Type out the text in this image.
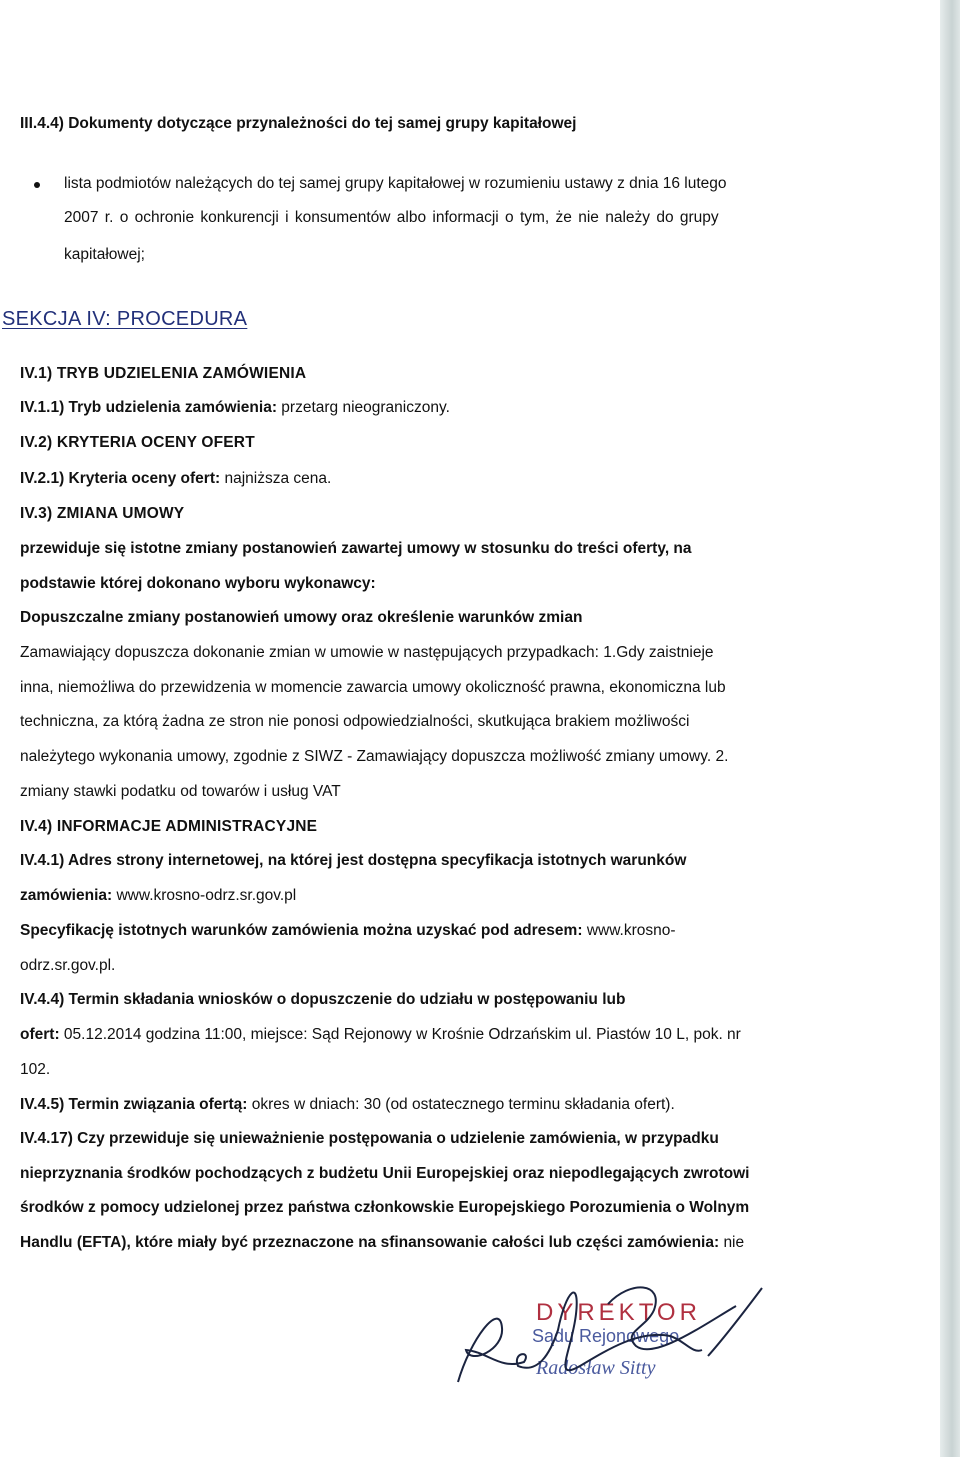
III.4.4) Dokumenty dotyczące przynależności do tej samej grupy kapitałowej
lista podmiotów należących do tej samej grupy kapitałowej w rozumieniu ustawy z dnia 16 lutego
2007 r. o ochronie konkurencji i konsumentów albo informacji o tym, że nie należy do grupy
kapitałowej;
SEKCJA IV: PROCEDURA
IV.1) TRYB UDZIELENIA ZAMÓWIENIA
IV.1.1) Tryb udzielenia zamówienia: przetarg nieograniczony.
IV.2) KRYTERIA OCENY OFERT
IV.2.1) Kryteria oceny ofert: najniższa cena.
IV.3) ZMIANA UMOWY
przewiduje się istotne zmiany postanowień zawartej umowy w stosunku do treści oferty, na
podstawie której dokonano wyboru wykonawcy:
Dopuszczalne zmiany postanowień umowy oraz określenie warunków zmian
Zamawiający dopuszcza dokonanie zmian w umowie w następujących przypadkach: 1.Gdy zaistnieje
inna, niemożliwa do przewidzenia w momencie zawarcia umowy okoliczność prawna, ekonomiczna lub
techniczna, za którą żadna ze stron nie ponosi odpowiedzialności, skutkująca brakiem możliwości
należytego wykonania umowy, zgodnie z SIWZ - Zamawiający dopuszcza możliwość zmiany umowy. 2.
zmiany stawki podatku od towarów i usług VAT
IV.4) INFORMACJE ADMINISTRACYJNE
IV.4.1) Adres strony internetowej, na której jest dostępna specyfikacja istotnych warunków
zamówienia: www.krosno-odrz.sr.gov.pl
Specyfikację istotnych warunków zamówienia można uzyskać pod adresem: www.krosno-
odrz.sr.gov.pl.
IV.4.4) Termin składania wniosków o dopuszczenie do udziału w postępowaniu lub
ofert: 05.12.2014 godzina 11:00, miejsce: Sąd Rejonowy w Krośnie Odrzańskim ul. Piastów 10 L, pok. nr
102.
IV.4.5) Termin związania ofertą: okres w dniach: 30 (od ostatecznego terminu składania ofert).
IV.4.17) Czy przewiduje się unieważnienie postępowania o udzielenie zamówienia, w przypadku
nieprzyznania środków pochodzących z budżetu Unii Europejskiej oraz niepodlegających zwrotowi
środków z pomocy udzielonej przez państwa członkowskie Europejskiego Porozumienia o Wolnym
Handlu (EFTA), które miały być przeznaczone na sfinansowanie całości lub części zamówienia: nie
DYREKTOR
Sądu Rejonowego
Radosław Sitty
